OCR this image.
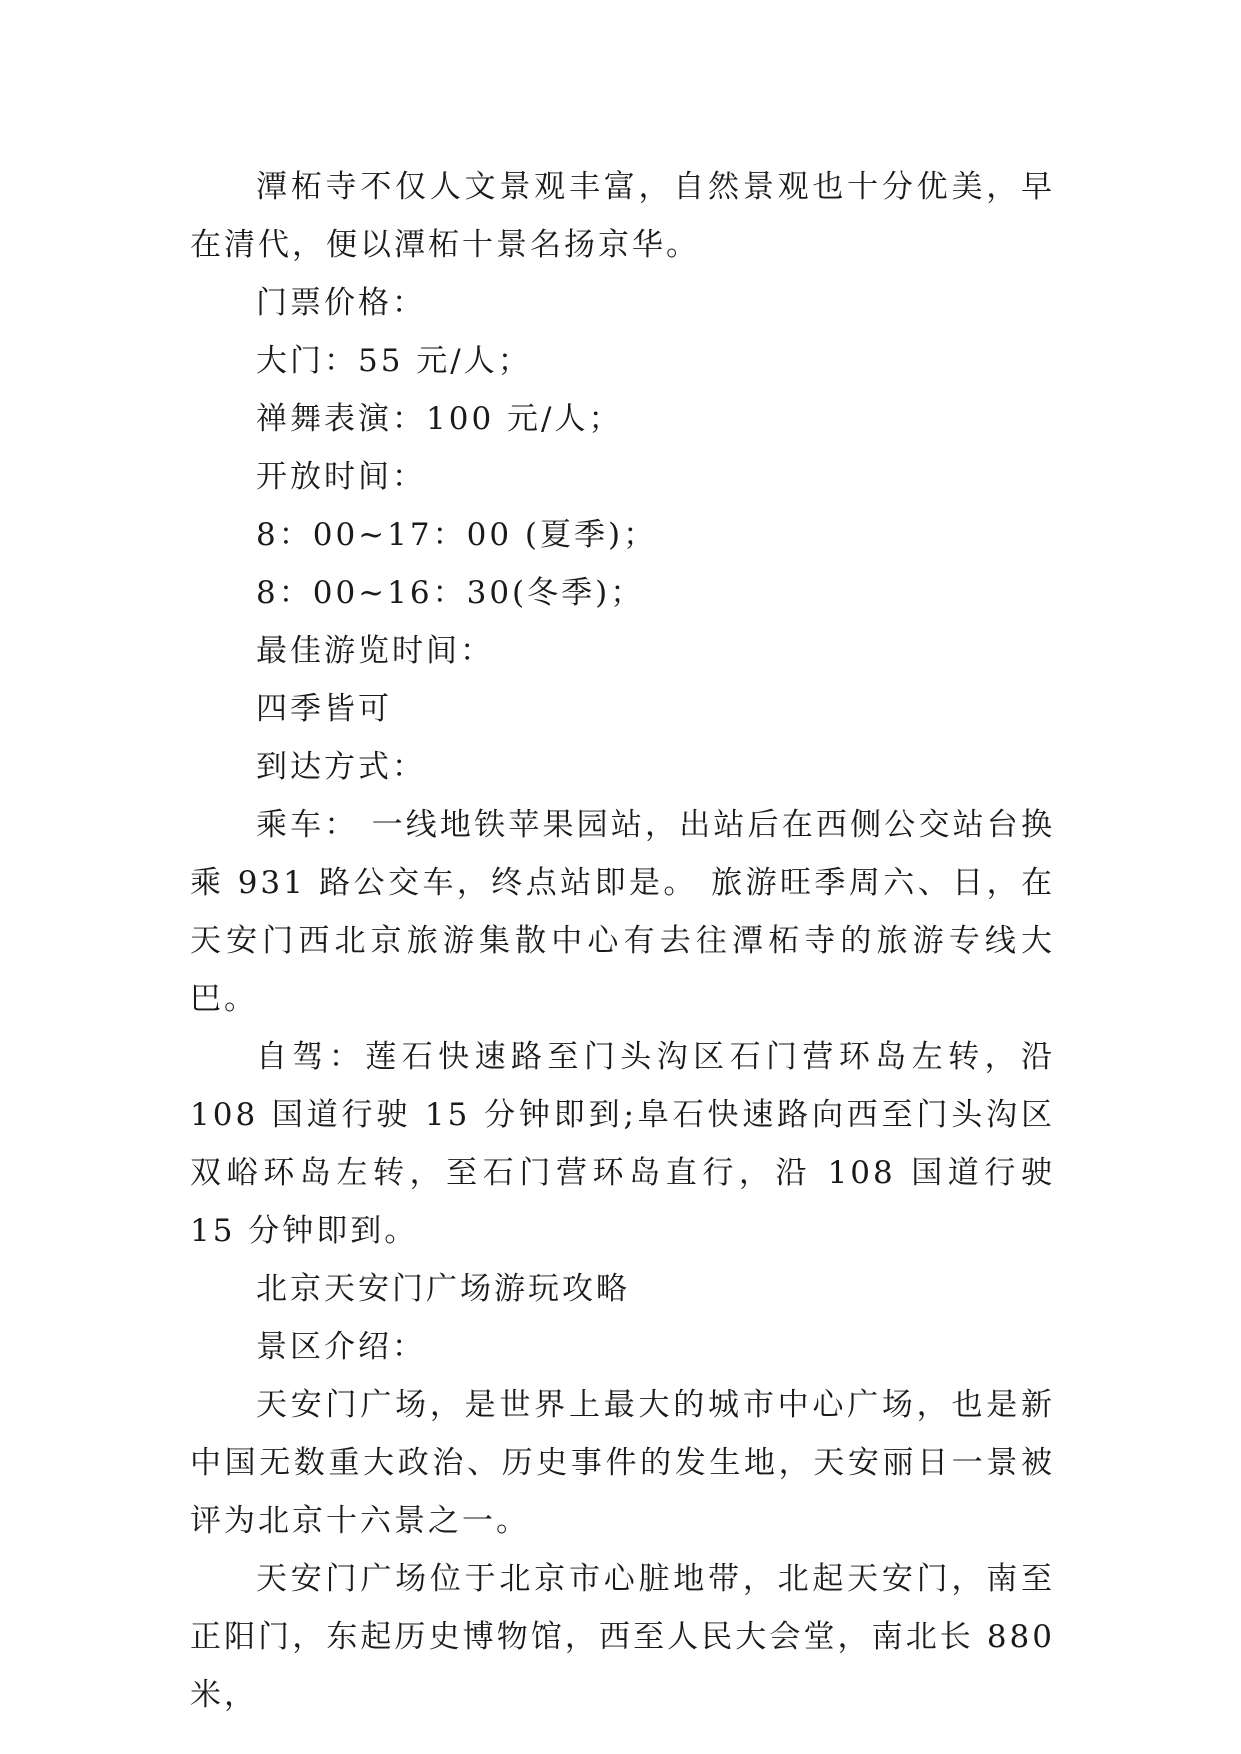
潭柘寺不仅人文景观丰富，自然景观也十分优美，早在清代，便以潭柘十景名扬京华。

门票价格：

大门：55 元/人；

禅舞表演：100 元/人；

开放时间：

8：00~17：00 (夏季)；

8：00~16：30(冬季)；

最佳游览时间：

四季皆可

到达方式：

乘车： 一线地铁苹果园站，出站后在西侧公交站台换乘 931 路公交车，终点站即是。 旅游旺季周六、日，在天安门西北京旅游集散中心有去往潭柘寺的旅游专线大巴。

自驾：莲石快速路至门头沟区石门营环岛左转，沿 108 国道行驶 15 分钟即到;阜石快速路向西至门头沟区双峪环岛左转，至石门营环岛直行，沿 108 国道行驶 15 分钟即到。

北京天安门广场游玩攻略

景区介绍：

天安门广场，是世界上最大的城市中心广场，也是新中国无数重大政治、历史事件的发生地，天安丽日一景被评为北京十六景之一。

天安门广场位于北京市心脏地带，北起天安门，南至正阳门，东起历史博物馆，西至人民大会堂，南北长 880 米，
